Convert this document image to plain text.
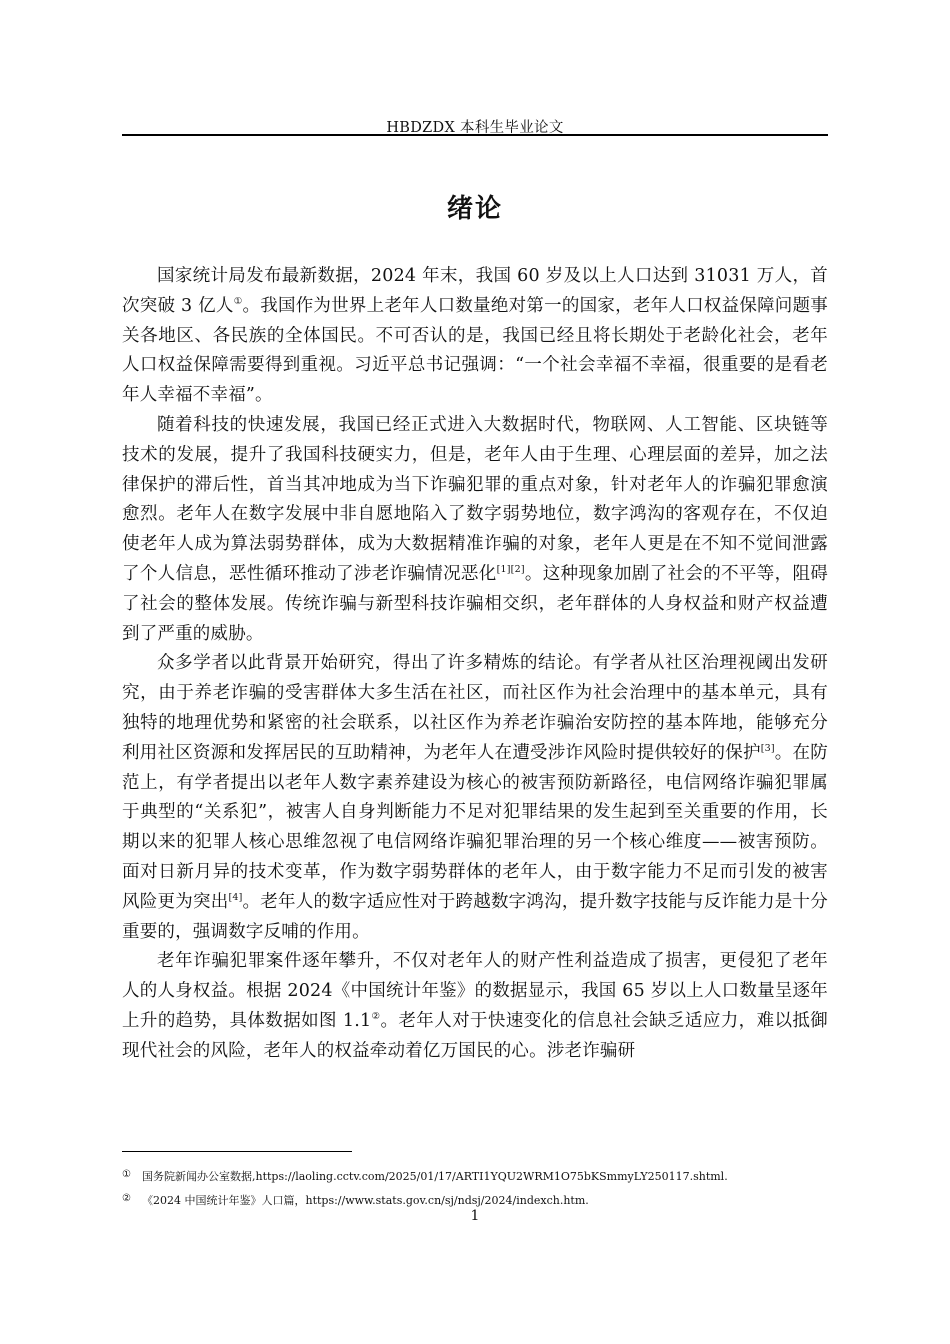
HBDZDX 本科生毕业论文
绪论

国家统计局发布最新数据，2024 年末，我国 60 岁及以上人口达到 31031 万人，首次突破 3 亿人①。我国作为世界上老年人口数量绝对第一的国家，老年人口权益保障问题事关各地区、各民族的全体国民。不可否认的是，我国已经且将长期处于老龄化社会，老年人口权益保障需要得到重视。习近平总书记强调：“一个社会幸福不幸福，很重要的是看老年人幸福不幸福”。

随着科技的快速发展，我国已经正式进入大数据时代，物联网、人工智能、区块链等技术的发展，提升了我国科技硬实力，但是，老年人由于生理、心理层面的差异，加之法律保护的滞后性，首当其冲地成为当下诈骗犯罪的重点对象，针对老年人的诈骗犯罪愈演愈烈。老年人在数字发展中非自愿地陷入了数字弱势地位，数字鸿沟的客观存在，不仅迫使老年人成为算法弱势群体，成为大数据精准诈骗的对象，老年人更是在不知不觉间泄露了个人信息，恶性循环推动了涉老诈骗情况恶化[1][2]。这种现象加剧了社会的不平等，阻碍了社会的整体发展。传统诈骗与新型科技诈骗相交织，老年群体的人身权益和财产权益遭到了严重的威胁。

众多学者以此背景开始研究，得出了许多精炼的结论。有学者从社区治理视阈出发研究，由于养老诈骗的受害群体大多生活在社区，而社区作为社会治理中的基本单元，具有独特的地理优势和紧密的社会联系，以社区作为养老诈骗治安防控的基本阵地，能够充分利用社区资源和发挥居民的互助精神，为老年人在遭受涉诈风险时提供较好的保护[3]。在防范上，有学者提出以老年人数字素养建设为核心的被害预防新路径，电信网络诈骗犯罪属于典型的“关系犯”，被害人自身判断能力不足对犯罪结果的发生起到至关重要的作用，长期以来的犯罪人核心思维忽视了电信网络诈骗犯罪治理的另一个核心维度——被害预防。面对日新月异的技术变革，作为数字弱势群体的老年人，由于数字能力不足而引发的被害风险更为突出[4]。老年人的数字适应性对于跨越数字鸿沟，提升数字技能与反诈能力是十分重要的，强调数字反哺的作用。

老年诈骗犯罪案件逐年攀升，不仅对老年人的财产性利益造成了损害，更侵犯了老年人的人身权益。根据 2024《中国统计年鉴》的数据显示，我国 65 岁以上人口数量呈逐年上升的趋势，具体数据如图 1.1②。老年人对于快速变化的信息社会缺乏适应力，难以抵御现代社会的风险，老年人的权益牵动着亿万国民的心。涉老诈骗研

① 国务院新闻办公室数据,https://laoling.cctv.com/2025/01/17/ARTI1YQU2WRM1O75bKSmmyLY250117.shtml.
② 《2024 中国统计年鉴》人口篇，https://www.stats.gov.cn/sj/ndsj/2024/indexch.htm.
1
